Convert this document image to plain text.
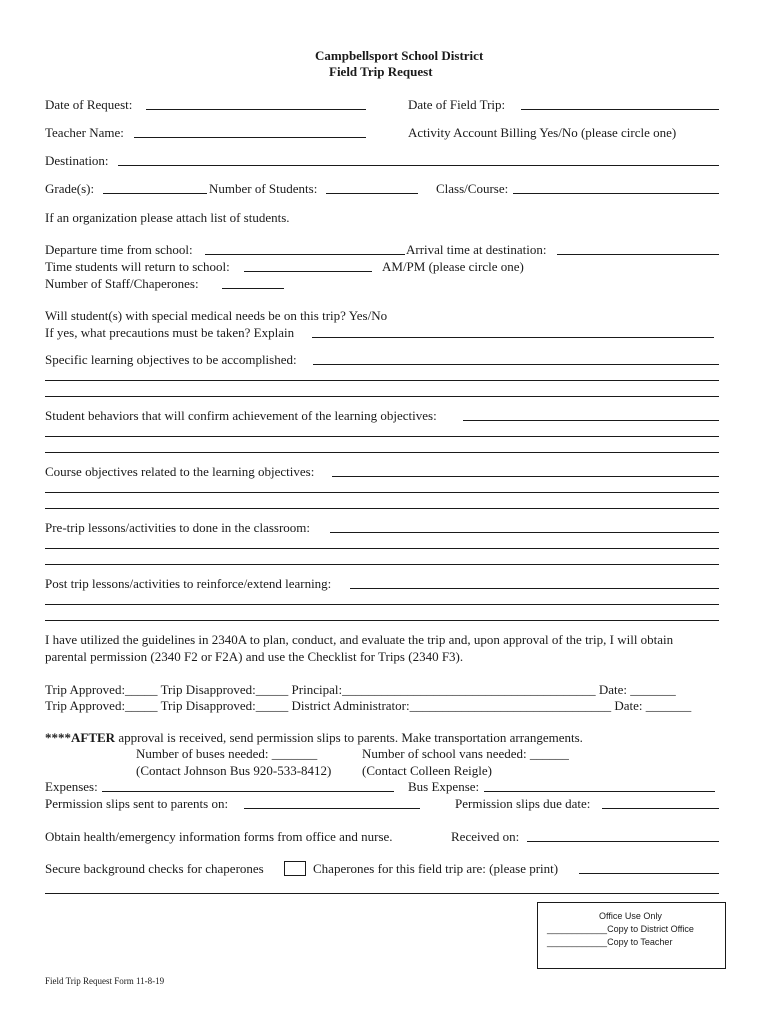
Campbellsport School District
Field Trip Request
Date of Request:	Date of Field Trip:
Teacher Name:	Activity Account Billing Yes/No (please circle one)
Destination:
Grade(s):	Number of Students:	Class/Course:
If an organization please attach list of students.
Departure time from school:	Arrival time at destination:
Time students will return to school:	AM/PM (please circle one)
Number of Staff/Chaperones:
Will student(s) with special medical needs be on this trip? Yes/No
If yes, what precautions must be taken? Explain
Specific learning objectives to be accomplished:
Student behaviors that will confirm achievement of the learning objectives:
Course objectives related to the learning objectives:
Pre-trip lessons/activities to done in the classroom:
Post trip lessons/activities to reinforce/extend learning:
I have utilized the guidelines in 2340A to plan, conduct, and evaluate the trip and, upon approval of the trip, I will obtain
parental permission (2340 F2 or F2A) and use the Checklist for Trips (2340 F3).
Trip Approved:_____ Trip Disapproved:_____ Principal:_______________________________________ Date: _______
Trip Approved:_____ Trip Disapproved:_____ District Administrator:_______________________________ Date: _______
****AFTER approval is received, send permission slips to parents. Make transportation arrangements.
Number of buses needed: _______	Number of school vans needed: ______
(Contact Johnson Bus 920-533-8412) (Contact Colleen Reigle)
Expenses:	Bus Expense:
Permission slips sent to parents on:	Permission slips due date:
Obtain health/emergency information forms from office and nurse.	Received on:
Secure background checks for chaperones	Chaperones for this field trip are: (please print)
Office Use Only
____________Copy to District Office
____________Copy to Teacher
Field Trip Request Form 11-8-19
